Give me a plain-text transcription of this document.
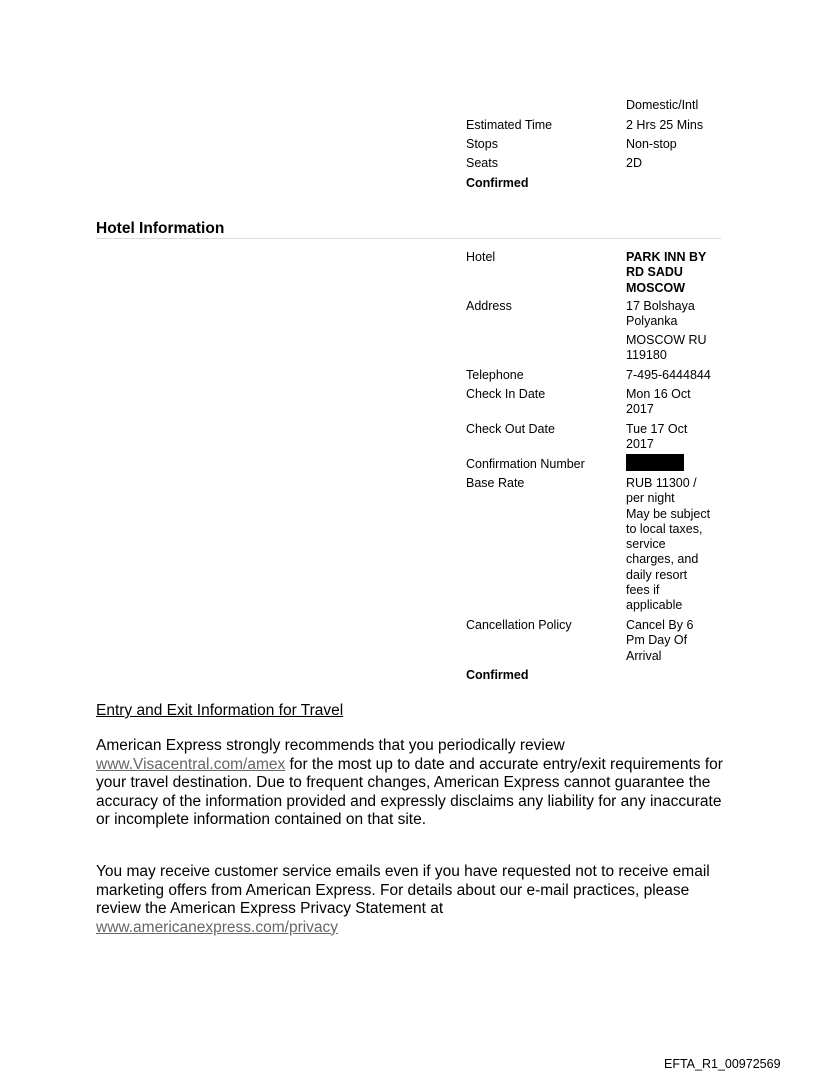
Domestic/Intl
Estimated Time	2 Hrs 25 Mins
Stops	Non-stop
Seats	2D
Confirmed
Hotel Information
Hotel	PARK INN BY
RD SADU
MOSCOW
Address	17 Bolshaya
Polyanka
MOSCOW RU
119180
Telephone	7-495-6444844
Check In Date	Mon 16 Oct
2017
Check Out Date	Tue 17 Oct
2017
Confirmation Number
Base Rate	RUB 11300 /
per night
May be subject
to local taxes,
service
charges, and
daily resort
fees if
applicable
Cancellation Policy	Cancel By 6
Pm Day Of
Arrival
Confirmed
Entry and Exit Information for Travel
American Express strongly recommends that you periodically review
www.Visacentral.com/amex for the most up to date and accurate entry/exit requirements for your travel destination. Due to frequent changes, American Express cannot guarantee the accuracy of the information provided and expressly disclaims any liability for any inaccurate or incomplete information contained on that site.
You may receive customer service emails even if you have requested not to receive email marketing offers from American Express. For details about our e-mail practices, please review the American Express Privacy Statement at
www.americanexpress.com/privacy
EFTA_R1_00972569
